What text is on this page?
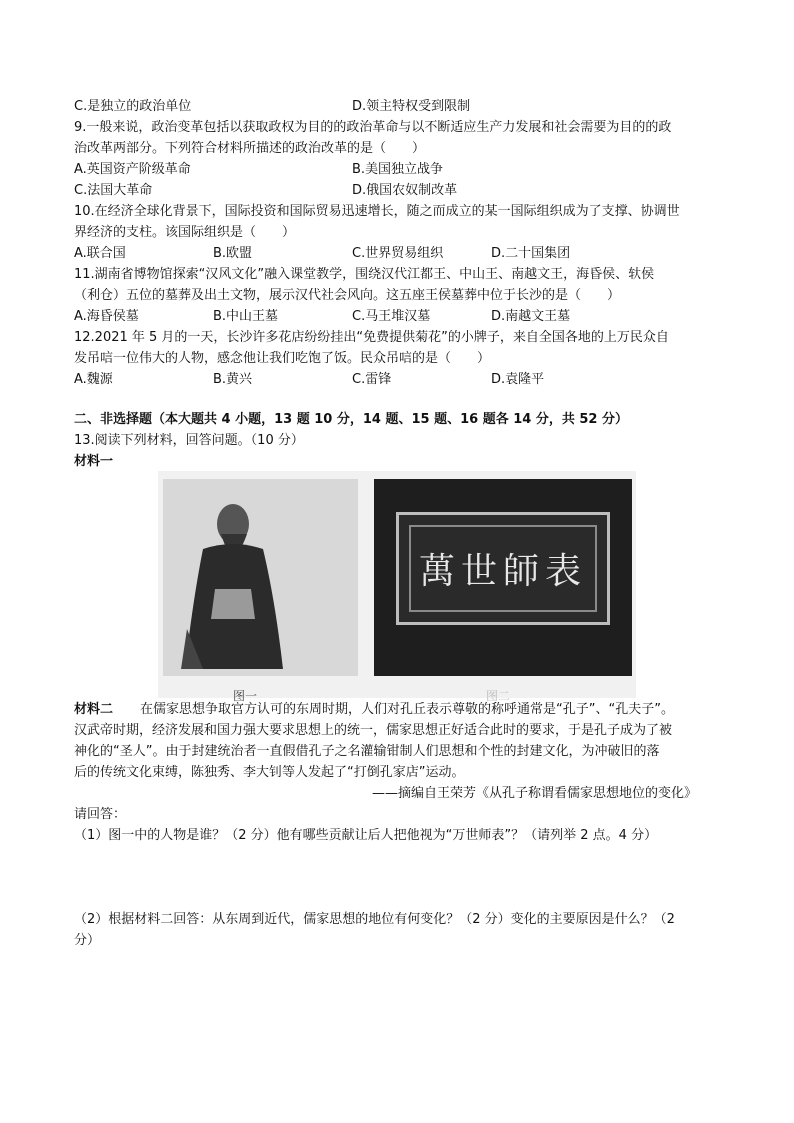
C.是独立的政治单位	D.领主特权受到限制
9.一般来说，政治变革包括以获取政权为目的的政治革命与以不断适应生产力发展和社会需要为目的的政
治改革两部分。下列符合材料所描述的政治改革的是（　　）
A.英国资产阶级革命	B.美国独立战争
C.法国大革命	D.俄国农奴制改革
10.在经济全球化背景下，国际投资和国际贸易迅速增长，随之而成立的某一国际组织成为了支撑、协调世
界经济的支柱。该国际组织是（　　）
A.联合国	B.欧盟	C.世界贸易组织	D.二十国集团
11.湖南省博物馆探索“汉风文化”融入课堂教学，围绕汉代江都王、中山王、南越文王，海昏侯、轪侯
（利仓）五位的墓葬及出土文物，展示汉代社会风向。这五座王侯墓葬中位于长沙的是（　　）
A.海昏侯墓	B.中山王墓	C.马王堆汉墓	D.南越文王墓
12.2021 年 5 月的一天，长沙许多花店纷纷挂出“免费提供菊花”的小牌子，来自全国各地的上万民众自
发吊唁一位伟大的人物，感念他让我们吃饱了饭。民众吊唁的是（　　）
A.魏源	B.黄兴	C.雷锋	D.袁隆平
二、非选择题（本大题共 4 小题，13 题 10 分，14 题、15 题、16 题各 14 分，共 52 分）
13.阅读下列材料，回答问题。（10 分）
材料一
图一
萬世師表
图二
材料二 在儒家思想争取官方认可的东周时期，人们对孔丘表示尊敬的称呼通常是“孔子”、“孔夫子”。
汉武帝时期，经济发展和国力强大要求思想上的统一，儒家思想正好适合此时的要求，于是孔子成为了被
神化的“圣人”。由于封建统治者一直假借孔子之名灌输钳制人们思想和个性的封建文化，为冲破旧的落
后的传统文化束缚，陈独秀、李大钊等人发起了“打倒孔家店”运动。
——摘编自王荣芳《从孔子称谓看儒家思想地位的变化》
请回答：
（1）图一中的人物是谁？（2 分）他有哪些贡献让后人把他视为“万世师表”？（请列举 2 点。4 分）
（2）根据材料二回答：从东周到近代，儒家思想的地位有何变化？（2 分）变化的主要原因是什么？（2
分）
